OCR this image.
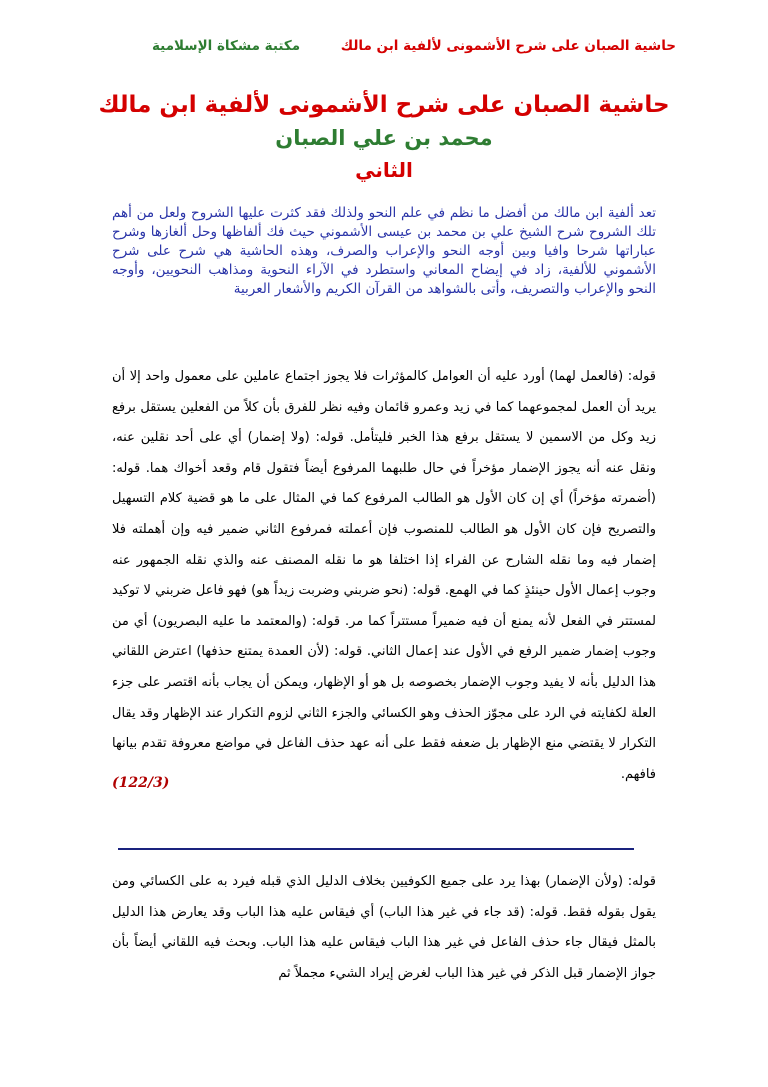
حاشية الصبان على شرح الأشمونى لألفية ابن مالك
مكتبة مشكاة الإسلامية
حاشية الصبان على شرح الأشمونى لألفية ابن مالك
محمد بن علي الصبان
الثاني
تعد ألفية ابن مالك من أفضل ما نظم في علم النحو ولذلك فقد كثرت عليها الشروح ولعل من أهم تلك الشروح شرح الشيخ علي بن محمد بن عيسى الأشموني حيث فك ألفاظها وحل ألغازها وشرح عباراتها شرحا وافيا وبين أوجه النحو والإعراب والصرف، وهذه الحاشية هي شرح على شرح الأشموني للألفية، زاد في إيضاح المعاني واستطرد في الآراء النحوية ومذاهب النحويين، وأوجه النحو والإعراب والتصريف، وأتى بالشواهد من القرآن الكريم والأشعار العربية
قوله: (فالعمل لهما) أورد عليه أن العوامل كالمؤثرات فلا يجوز اجتماع عاملين على معمول واحد إلا أن يريد أن العمل لمجموعهما كما في زيد وعمرو قائمان وفيه نظر للفرق بأن كلاً من الفعلين يستقل برفع زيد وكل من الاسمين لا يستقل برفع هذا الخبر فليتأمل. قوله: (ولا إضمار) أي على أحد نقلين عنه، ونقل عنه أنه يجوز الإضمار مؤخراً في حال طلبهما المرفوع أيضاً فتقول قام وقعد أخواك هما. قوله: (أضمرته مؤخراً) أي إن كان الأول هو الطالب المرفوع كما في المثال على ما هو قضية كلام التسهيل والتصريح فإن كان الأول هو الطالب للمنصوب فإن أعملته فمرفوع الثاني ضمير فيه وإن أهملته فلا إضمار فيه وما نقله الشارح عن الفراء إذا اختلفا هو ما نقله المصنف عنه والذي نقله الجمهور عنه وجوب إعمال الأول حينئذٍ كما في الهمع. قوله: (نحو ضربني وضربت زيداً هو) فهو فاعل ضربني لا توكيد لمستتر في الفعل لأنه يمنع أن فيه ضميراً مستتراً كما مر. قوله: (والمعتمد ما عليه البصريون) أي من وجوب إضمار ضمير الرفع في الأول عند إعمال الثاني. قوله: (لأن العمدة يمتنع حذفها) اعترض اللقاني هذا الدليل بأنه لا يفيد وجوب الإضمار بخصوصه بل هو أو الإظهار، ويمكن أن يجاب بأنه اقتصر على جزء العلة لكفايته في الرد على مجوّز الحذف وهو الكسائي والجزء الثاني لزوم التكرار عند الإظهار وقد يقال التكرار لا يقتضي منع الإظهار بل ضعفه فقط على أنه عهد حذف الفاعل في مواضع معروفة تقدم بيانها فافهم.
(122/3)
قوله: (ولأن الإضمار) بهذا يرد على جميع الكوفيين بخلاف الدليل الذي قبله فيرد به على الكسائي ومن يقول بقوله فقط. قوله: (قد جاء في غير هذا الباب) أي فيقاس عليه هذا الباب وقد يعارض هذا الدليل بالمثل فيقال جاء حذف الفاعل في غير هذا الباب فيقاس عليه هذا الباب. وبحث فيه اللقاني أيضاً بأن جواز الإضمار قبل الذكر في غير هذا الباب لغرض إيراد الشيء مجملاً ثم
